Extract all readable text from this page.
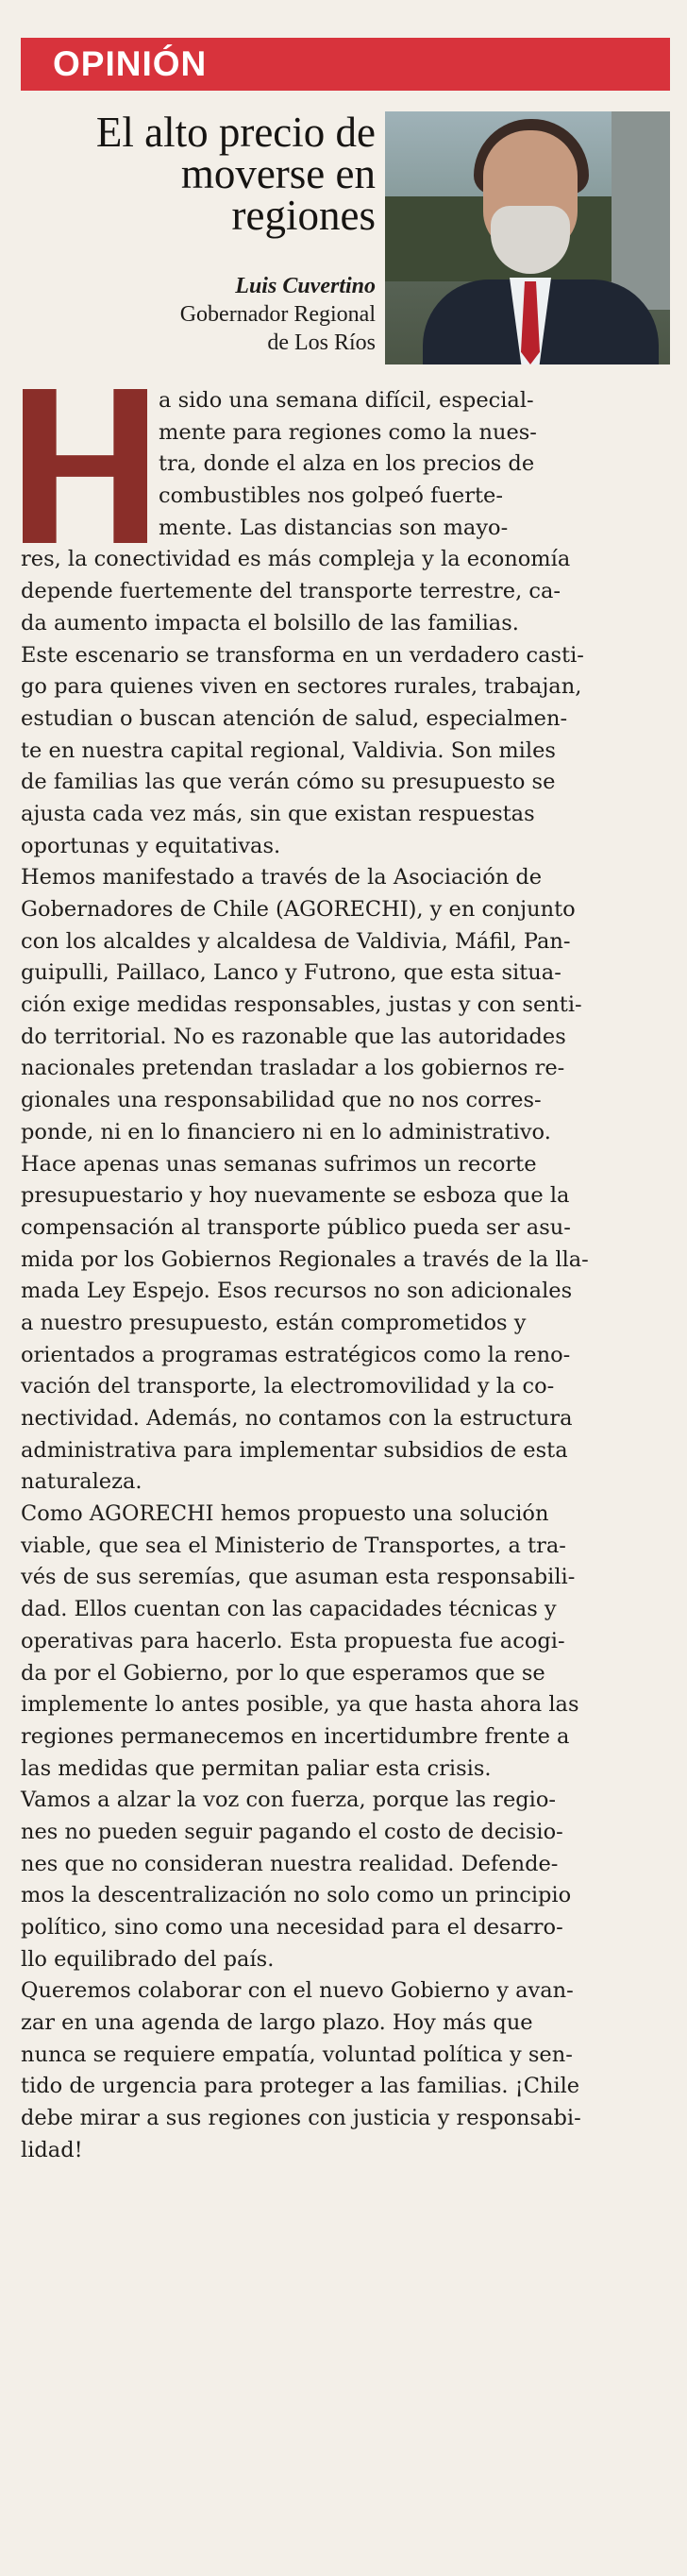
OPINIÓN
El alto precio de
moverse en
regiones
Luis Cuvertino
Gobernador Regional
de Los Ríos
a sido una semana difícil, especial-
mente para regiones como la nues-
tra, donde el alza en los precios de
combustibles nos golpeó fuerte-
mente. Las distancias son mayo-
res, la conectividad es más compleja y la economía
depende fuertemente del transporte terrestre, ca-
da aumento impacta el bolsillo de las familias.
Este escenario se transforma en un verdadero casti-
go para quienes viven en sectores rurales, trabajan,
estudian o buscan atención de salud, especialmen-
te en nuestra capital regional, Valdivia. Son miles
de familias las que verán cómo su presupuesto se
ajusta cada vez más, sin que existan respuestas
oportunas y equitativas.
Hemos manifestado a través de la Asociación de
Gobernadores de Chile (AGORECHI), y en conjunto
con los alcaldes y alcaldesa de Valdivia, Máfil, Pan-
guipulli, Paillaco, Lanco y Futrono, que esta situa-
ción exige medidas responsables, justas y con senti-
do territorial. No es razonable que las autoridades
nacionales pretendan trasladar a los gobiernos re-
gionales una responsabilidad que no nos corres-
ponde, ni en lo financiero ni en lo administrativo.
Hace apenas unas semanas sufrimos un recorte
presupuestario y hoy nuevamente se esboza que la
compensación al transporte público pueda ser asu-
mida por los Gobiernos Regionales a través de la lla-
mada Ley Espejo. Esos recursos no son adicionales
a nuestro presupuesto, están comprometidos y
orientados a programas estratégicos como la reno-
vación del transporte, la electromovilidad y la co-
nectividad. Además, no contamos con la estructura
administrativa para implementar subsidios de esta
naturaleza.
Como AGORECHI hemos propuesto una solución
viable, que sea el Ministerio de Transportes, a tra-
vés de sus seremías, que asuman esta responsabili-
dad. Ellos cuentan con las capacidades técnicas y
operativas para hacerlo. Esta propuesta fue acogi-
da por el Gobierno, por lo que esperamos que se
implemente lo antes posible, ya que hasta ahora las
regiones permanecemos en incertidumbre frente a
las medidas que permitan paliar esta crisis.
Vamos a alzar la voz con fuerza, porque las regio-
nes no pueden seguir pagando el costo de decisio-
nes que no consideran nuestra realidad. Defende-
mos la descentralización no solo como un principio
político, sino como una necesidad para el desarro-
llo equilibrado del país.
Queremos colaborar con el nuevo Gobierno y avan-
zar en una agenda de largo plazo. Hoy más que
nunca se requiere empatía, voluntad política y sen-
tido de urgencia para proteger a las familias. ¡Chile
debe mirar a sus regiones con justicia y responsabi-
lidad!
